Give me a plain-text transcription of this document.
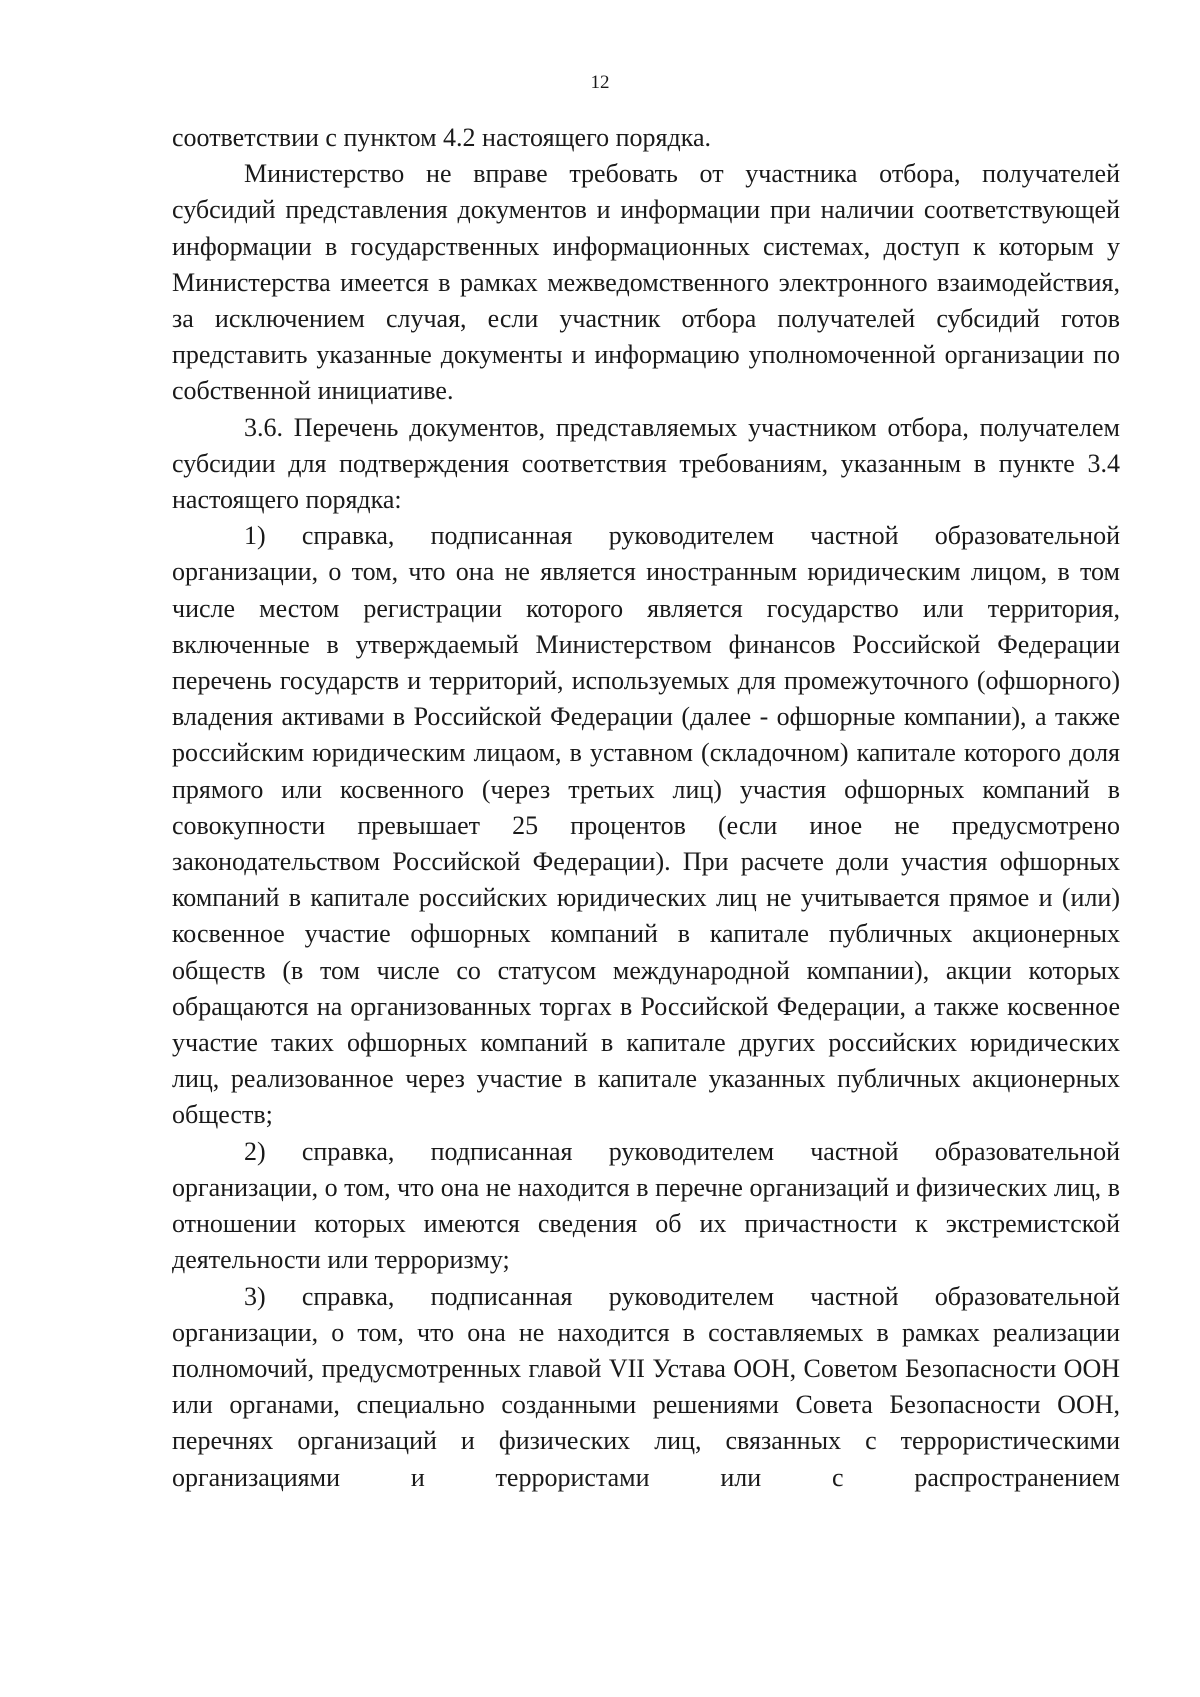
12

соответствии с пунктом 4.2 настоящего порядка.

Министерство не вправе требовать от участника отбора, получателей субсидий представления документов и информации при наличии соответствующей информации в государственных информационных системах, доступ к которым у Министерства имеется в рамках межведомственного электронного взаимодействия, за исключением случая, если участник отбора получателей субсидий готов представить указанные документы и информацию уполномоченной организации по собственной инициативе.

3.6. Перечень документов, представляемых участником отбора, получателем субсидии для подтверждения соответствия требованиям, указанным в пункте 3.4 настоящего порядка:

1) справка, подписанная руководителем частной образовательной организации, о том, что она не является иностранным юридическим лицом, в том числе местом регистрации которого является государство или территория, включенные в утверждаемый Министерством финансов Российской Федерации перечень государств и территорий, используемых для промежуточного (офшорного) владения активами в Российской Федерации (далее - офшорные компании), а также российским юридическим лицаом, в уставном (складочном) капитале которого доля прямого или косвенного (через третьих лиц) участия офшорных компаний в совокупности превышает 25 процентов (если иное не предусмотрено законодательством Российской Федерации). При расчете доли участия офшорных компаний в капитале российских юридических лиц не учитывается прямое и (или) косвенное участие офшорных компаний в капитале публичных акционерных обществ (в том числе со статусом международной компании), акции которых обращаются на организованных торгах в Российской Федерации, а также косвенное участие таких офшорных компаний в капитале других российских юридических лиц, реализованное через участие в капитале указанных публичных акционерных обществ;

2) справка, подписанная руководителем частной образовательной организации, о том, что она не находится в перечне организаций и физических лиц, в отношении которых имеются сведения об их причастности к экстремистской деятельности или терроризму;

3) справка, подписанная руководителем частной образовательной организации, о том, что она не находится в составляемых в рамках реализации полномочий, предусмотренных главой VII Устава ООН, Советом Безопасности ООН или органами, специально созданными решениями Совета Безопасности ООН, перечнях организаций и физических лиц, связанных с террористическими организациями и террористами или с распространением
